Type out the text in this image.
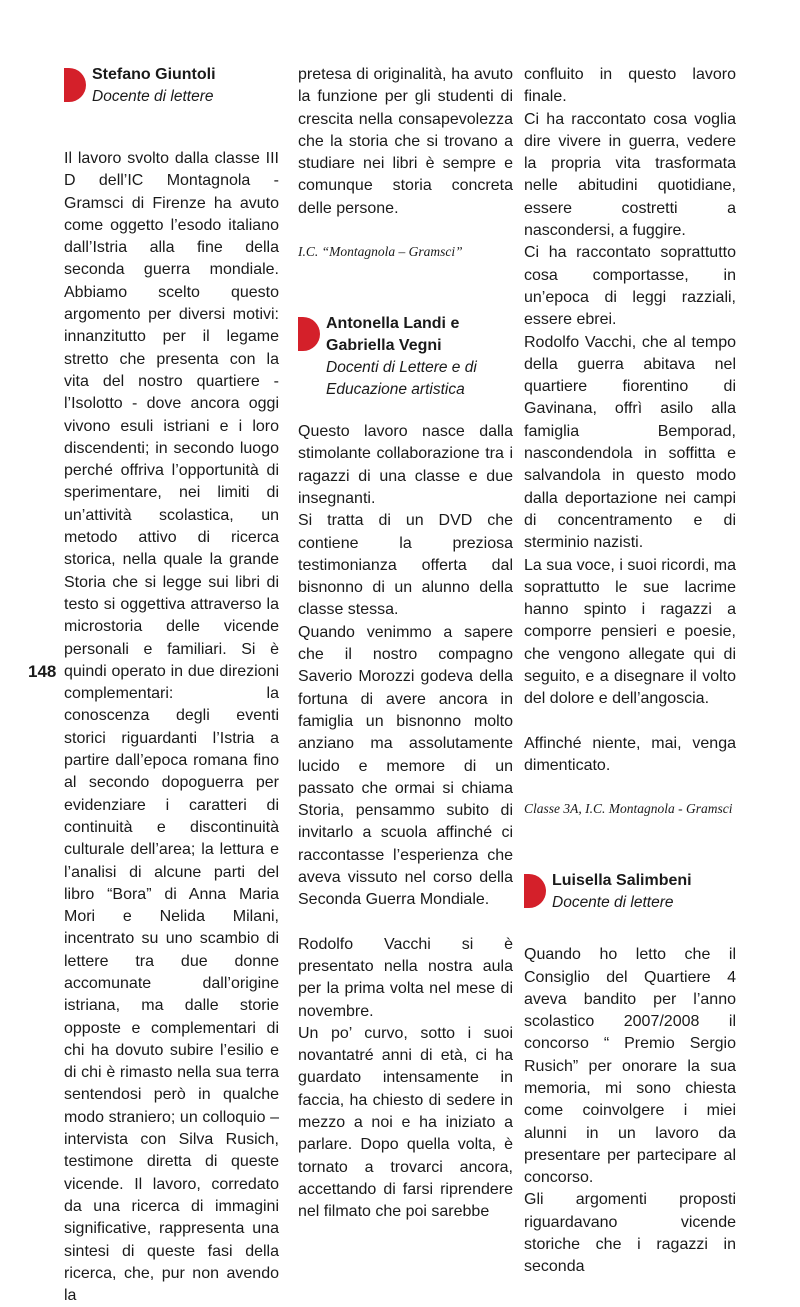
148
Stefano Giuntoli
Docente di lettere

Il lavoro svolto dalla classe III D dell’IC Montagnola - Gramsci di Firenze ha avuto come oggetto l’esodo italiano dall’Istria alla fine della seconda guerra mondiale. Abbiamo scelto questo argomento per diversi motivi: innanzitutto per il legame stretto che presenta con la vita del nostro quartiere - l’Isolotto - dove ancora oggi vivono esuli istriani e i loro discendenti; in secondo luogo perché offriva l’opportunità di sperimentare, nei limiti di un’attività scolastica, un metodo attivo di ricerca storica, nella quale la grande Storia che si legge sui libri di testo si oggettiva attraverso la microstoria delle vicende personali e familiari. Si è quindi operato in due direzioni complementari: la conoscenza degli eventi storici riguardanti l’Istria a partire dall’epoca romana fino al secondo dopoguerra per evidenziare i caratteri di continuità e discontinuità culturale dell’area; la lettura e l’analisi di alcune parti del libro “Bora” di Anna Maria Mori e Nelida Milani, incentrato su uno scambio di lettere tra due donne accomunate dall’origine istriana, ma dalle storie opposte e complementari di chi ha dovuto subire l’esilio e di chi è rimasto nella sua terra sentendosi però in qualche modo straniero; un colloquio – intervista con Silva Rusich, testimone diretta di queste vicende. Il lavoro, corredato da una ricerca di immagini significative, rappresenta una sintesi di queste fasi della ricerca, che, pur non avendo la

pretesa di originalità, ha avuto la funzione per gli studenti di crescita nella consapevolezza che la storia che si trovano a studiare nei libri è sempre e comunque storia concreta delle persone.

I.C. “Montagnola – Gramsci”

Antonella Landi e Gabriella Vegni
Docenti di Lettere e di Educazione artistica

Questo lavoro nasce dalla stimolante collaborazione tra i ragazzi di una classe e due insegnanti.

Si tratta di un DVD che contiene la preziosa testimonianza offerta dal bisnonno di un alunno della classe stessa.

Quando venimmo a sapere che il nostro compagno Saverio Morozzi godeva della fortuna di avere ancora in famiglia un bisnonno molto anziano ma assolutamente lucido e memore di un passato che ormai si chiama Storia, pensammo subito di invitarlo a scuola affinché ci raccontasse l’esperienza che aveva vissuto nel corso della Seconda Guerra Mondiale.

Rodolfo Vacchi si è presentato nella nostra aula per la prima volta nel mese di novembre.

Un po’ curvo, sotto i suoi novantatré anni di età, ci ha guardato intensamente in faccia, ha chiesto di sedere in mezzo a noi e ha iniziato a parlare. Dopo quella volta, è tornato a trovarci ancora, accettando di farsi riprendere nel filmato che poi sarebbe

confluito in questo lavoro finale.

Ci ha raccontato cosa voglia dire vivere in guerra, vedere la propria vita trasformata nelle abitudini quotidiane, essere costretti a nascondersi, a fuggire.

Ci ha raccontato soprattutto cosa comportasse, in un’epoca di leggi razziali, essere ebrei.

Rodolfo Vacchi, che al tempo della guerra abitava nel quartiere fiorentino di Gavinana, offrì asilo alla famiglia Bemporad, nascondendola in soffitta e salvandola in questo modo dalla deportazione nei campi di concentramento e di sterminio nazisti.

La sua voce, i suoi ricordi, ma soprattutto le sue lacrime hanno spinto i ragazzi a comporre pensieri e poesie, che vengono allegate qui di seguito, e a disegnare il volto del dolore e dell’angoscia.

Affinché niente, mai, venga dimenticato.

Classe 3A, I.C. Montagnola - Gramsci

Luisella Salimbeni
Docente di lettere

Quando ho letto che il Consiglio del Quartiere 4 aveva bandito per l’anno scolastico 2007/2008 il concorso “ Premio Sergio Rusich” per onorare la sua memoria, mi sono chiesta come coinvolgere i miei alunni in un lavoro da presentare per partecipare al concorso.

Gli argomenti proposti riguardavano vicende storiche che i ragazzi in seconda
